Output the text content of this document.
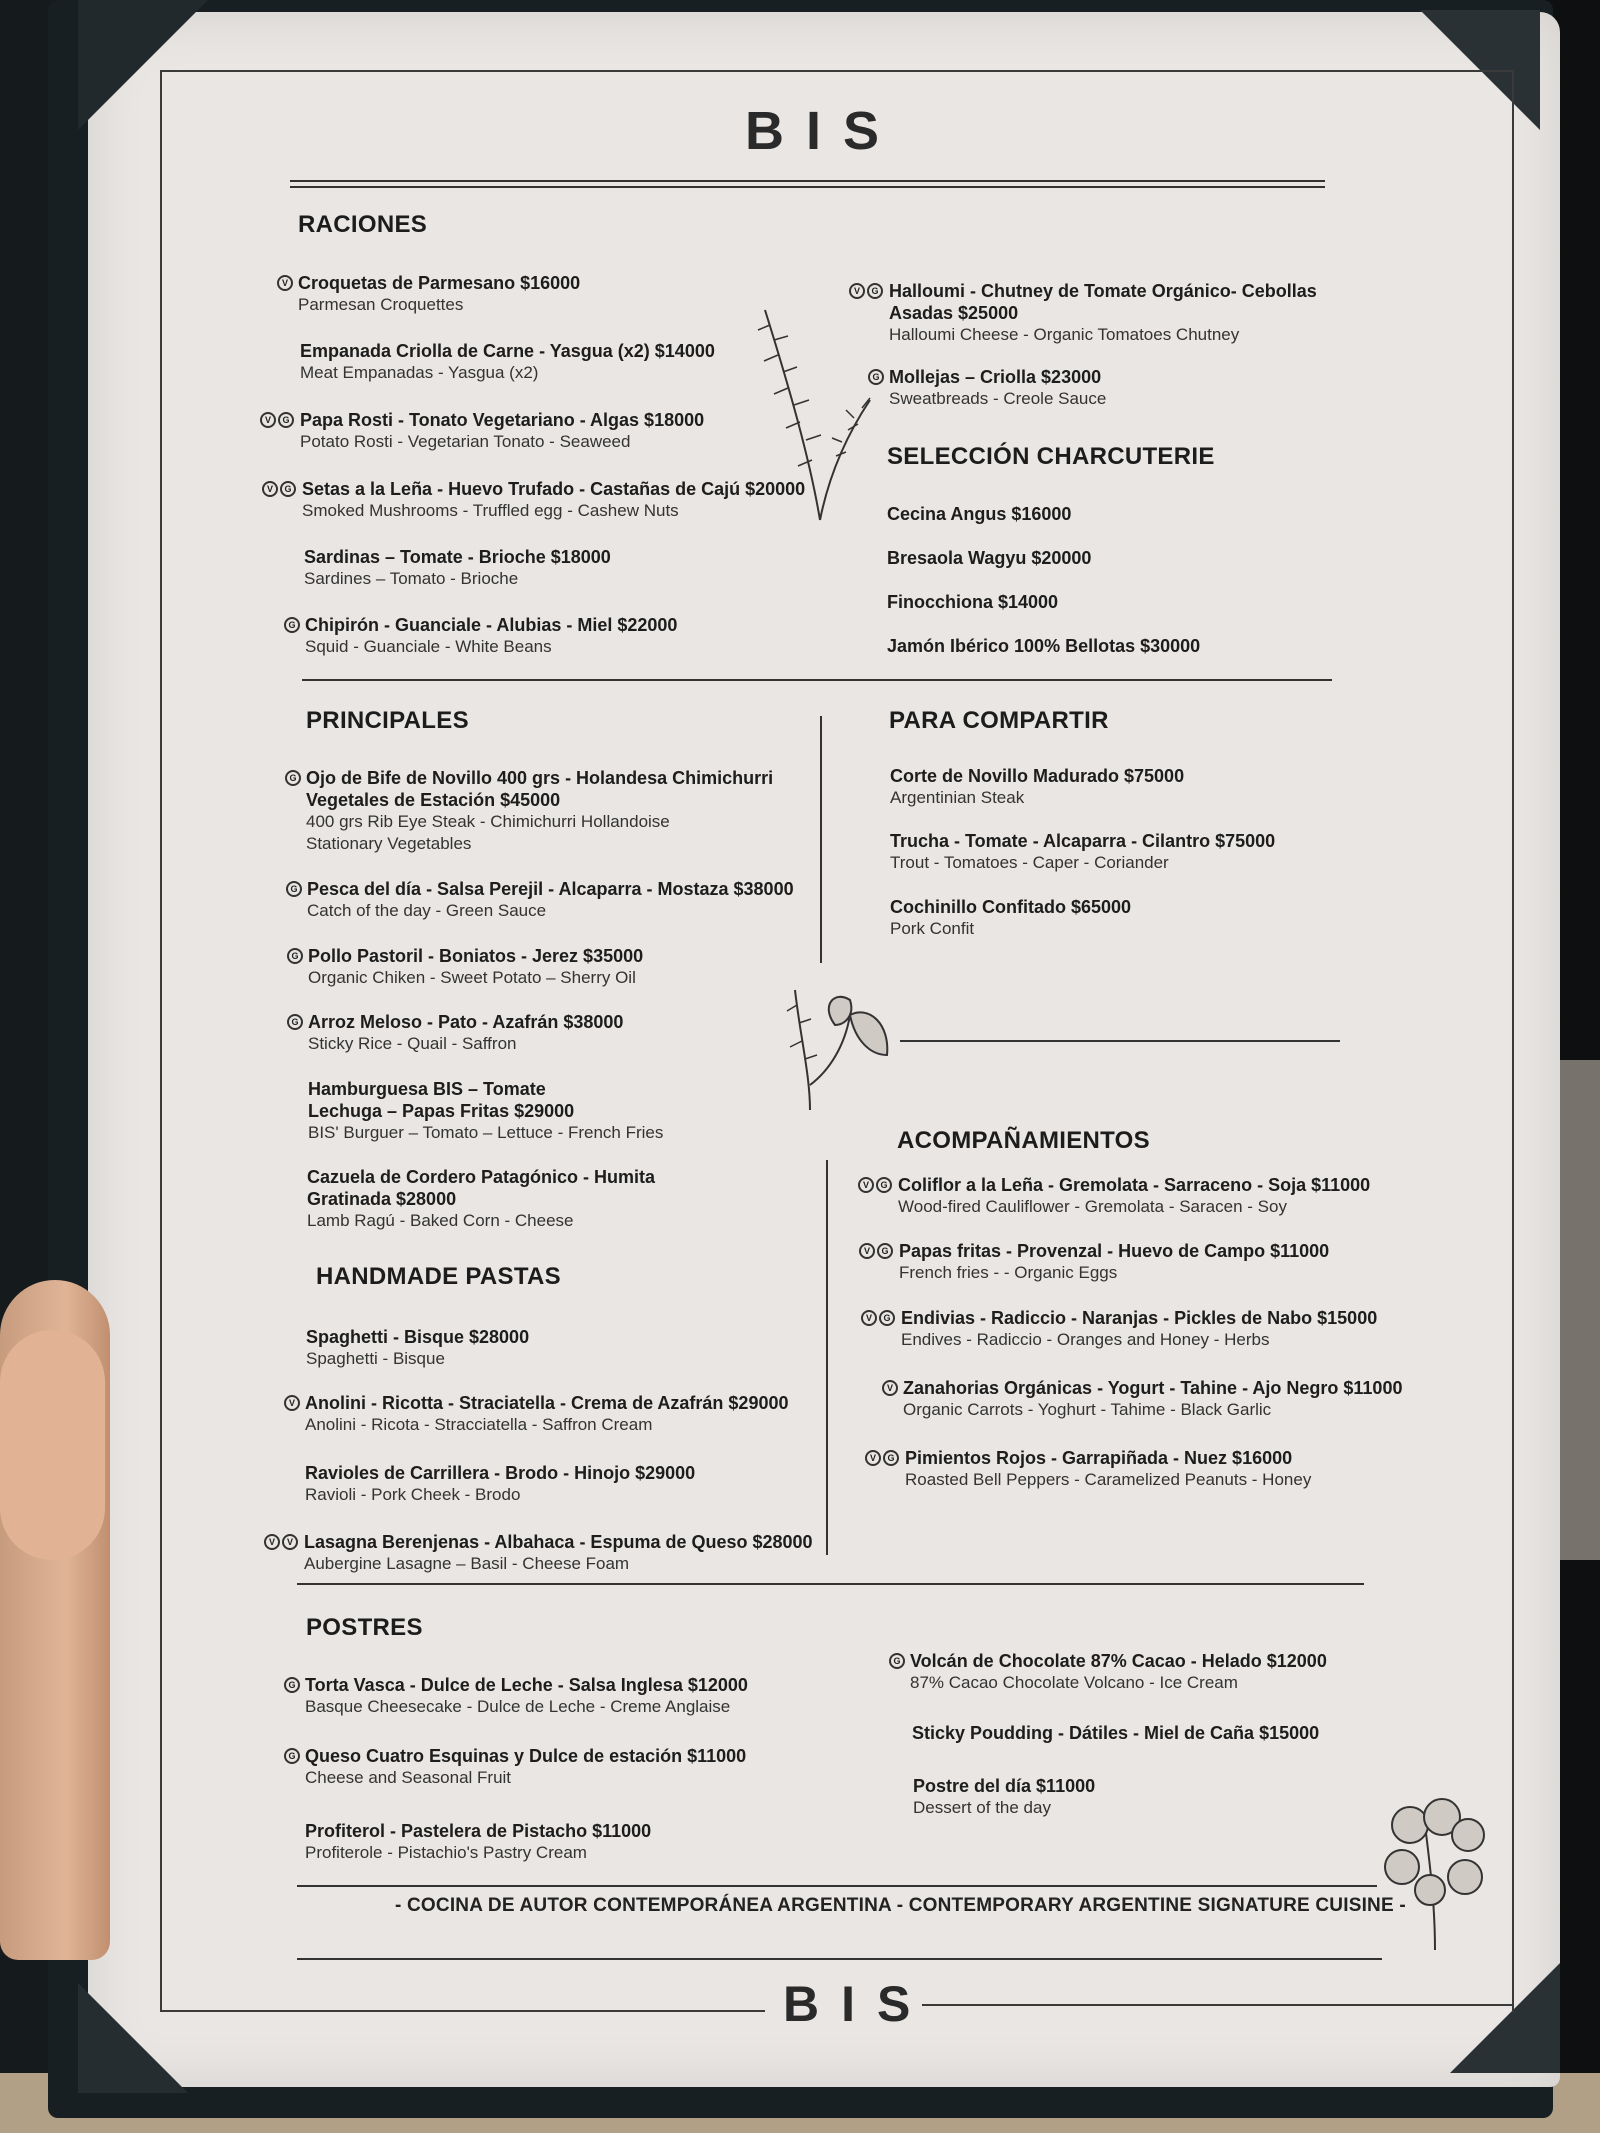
BIS
RACIONES
Croquetas de Parmesano $16000
Parmesan Croquettes
V
Empanada Criolla de Carne - Yasgua (x2) $14000
Meat Empanadas - Yasgua (x2)
Papa Rosti - Tonato Vegetariano - Algas $18000
Potato Rosti - Vegetarian Tonato - Seaweed
V	G
Setas a la Leña - Huevo Trufado - Castañas de Cajú $20000
Smoked Mushrooms - Truffled egg - Cashew Nuts
V	G
Sardinas – Tomate - Brioche $18000
Sardines – Tomato - Brioche
Chipirón - Guanciale - Alubias - Miel $22000
Squid - Guanciale - White Beans
G
Halloumi - Chutney de Tomate Orgánico- Cebollas
Asadas $25000
Halloumi Cheese - Organic Tomatoes Chutney
V	G
Mollejas – Criolla $23000
Sweatbreads - Creole Sauce
G
SELECCIÓN CHARCUTERIE
Cecina Angus $16000
Bresaola Wagyu $20000
Finocchiona $14000
Jamón Ibérico 100% Bellotas $30000
PRINCIPALES
Ojo de Bife de Novillo 400 grs - Holandesa Chimichurri
Vegetales de Estación $45000
400 grs Rib Eye Steak - Chimichurri Hollandoise
Stationary Vegetables
G
Pesca del día - Salsa Perejil - Alcaparra - Mostaza $38000
Catch of the day - Green Sauce
G
Pollo Pastoril - Boniatos - Jerez $35000
Organic Chiken - Sweet Potato – Sherry Oil
G
Arroz Meloso - Pato - Azafrán $38000
Sticky Rice - Quail - Saffron
G
Hamburguesa BIS – Tomate
Lechuga – Papas Fritas $29000
BIS' Burguer – Tomato – Lettuce - French Fries
Cazuela de Cordero Patagónico - Humita
Gratinada $28000
Lamb Ragú - Baked Corn - Cheese
PARA COMPARTIR
Corte de Novillo Madurado $75000
Argentinian Steak
Trucha - Tomate - Alcaparra - Cilantro $75000
Trout - Tomatoes - Caper - Coriander
Cochinillo Confitado $65000
Pork Confit
HANDMADE PASTAS
Spaghetti - Bisque $28000
Spaghetti - Bisque
Anolini - Ricotta - Straciatella - Crema de Azafrán $29000
Anolini - Ricota - Stracciatella - Saffron Cream
V
Ravioles de Carrillera - Brodo - Hinojo $29000
Ravioli - Pork Cheek - Brodo
Lasagna Berenjenas - Albahaca - Espuma de Queso $28000
Aubergine Lasagne – Basil - Cheese Foam
V	V
ACOMPAÑAMIENTOS
Coliflor a la Leña - Gremolata - Sarraceno - Soja $11000
Wood-fired Cauliflower - Gremolata - Saracen - Soy
V	G
Papas fritas - Provenzal - Huevo de Campo $11000
French fries - - Organic Eggs
V	G
Endivias - Radiccio - Naranjas - Pickles de Nabo $15000
Endives - Radiccio - Oranges and Honey - Herbs
V	G
Zanahorias Orgánicas - Yogurt - Tahine - Ajo Negro $11000
Organic Carrots - Yoghurt - Tahime - Black Garlic
V
Pimientos Rojos - Garrapiñada - Nuez $16000
Roasted Bell Peppers - Caramelized Peanuts - Honey
V	G
POSTRES
Torta Vasca - Dulce de Leche - Salsa Inglesa $12000
Basque Cheesecake - Dulce de Leche - Creme Anglaise
G
Queso Cuatro Esquinas y Dulce de estación $11000
Cheese and Seasonal Fruit
G
Profiterol - Pastelera de Pistacho $11000
Profiterole - Pistachio's Pastry Cream
Volcán de Chocolate 87% Cacao - Helado $12000
87% Cacao Chocolate Volcano - Ice Cream
G
Sticky Poudding - Dátiles - Miel de Caña $15000
Postre del día $11000
Dessert of the day
- COCINA DE AUTOR CONTEMPORÁNEA ARGENTINA - CONTEMPORARY ARGENTINE SIGNATURE CUISINE -
BIS
